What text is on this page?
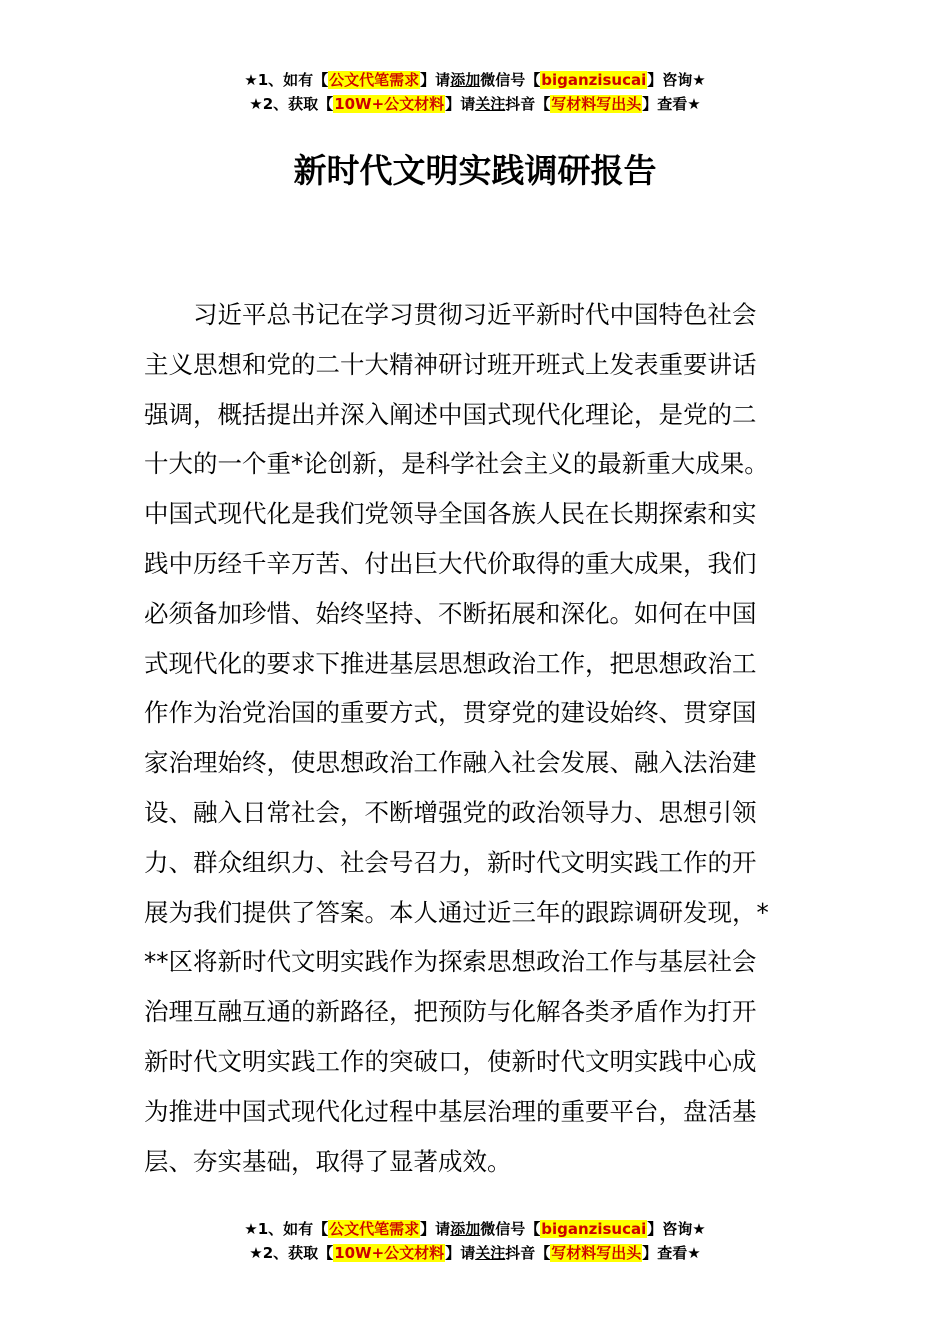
★1、如有【公文代笔需求】请添加微信号【biganzisucai】咨询★
★2、获取【10W+公文材料】请关注抖音【写材料写出头】查看★
新时代文明实践调研报告
习近平总书记在学习贯彻习近平新时代中国特色社会
主义思想和党的二十大精神研讨班开班式上发表重要讲话
强调，概括提出并深入阐述中国式现代化理论，是党的二
十大的一个重*论创新，是科学社会主义的最新重大成果。
中国式现代化是我们党领导全国各族人民在长期探索和实
践中历经千辛万苦、付出巨大代价取得的重大成果，我们
必须备加珍惜、始终坚持、不断拓展和深化。如何在中国
式现代化的要求下推进基层思想政治工作，把思想政治工
作作为治党治国的重要方式，贯穿党的建设始终、贯穿国
家治理始终，使思想政治工作融入社会发展、融入法治建
设、融入日常社会，不断增强党的政治领导力、思想引领
力、群众组织力、社会号召力，新时代文明实践工作的开
展为我们提供了答案。本人通过近三年的跟踪调研发现，*
**区将新时代文明实践作为探索思想政治工作与基层社会
治理互融互通的新路径，把预防与化解各类矛盾作为打开
新时代文明实践工作的突破口，使新时代文明实践中心成
为推进中国式现代化过程中基层治理的重要平台，盘活基
层、夯实基础，取得了显著成效。
★1、如有【公文代笔需求】请添加微信号【biganzisucai】咨询★
★2、获取【10W+公文材料】请关注抖音【写材料写出头】查看★
